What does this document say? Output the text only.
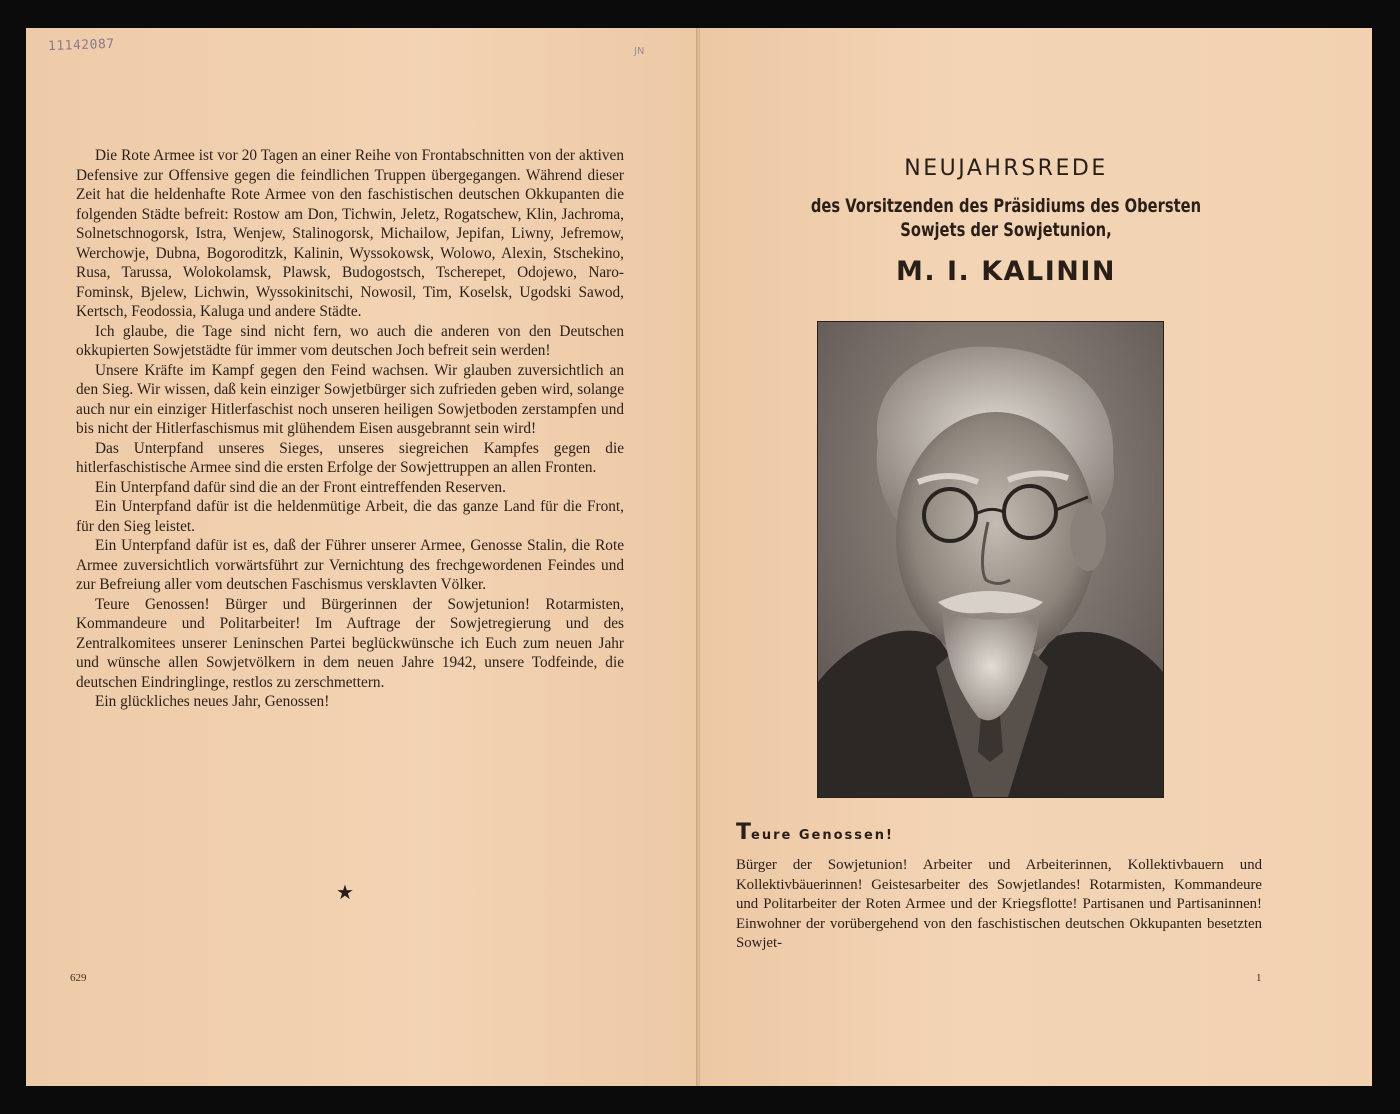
11142087	JN

Die Rote Armee ist vor 20 Tagen an einer Reihe von Frontabschnitten von der aktiven Defensive zur Offensive gegen die feindlichen Truppen übergegangen. Während dieser Zeit hat die heldenhafte Rote Armee von den faschistischen deutschen Okkupanten die folgenden Städte befreit: Rostow am Don, Tichwin, Jeletz, Rogatschew, Klin, Jachroma, Solnetschnogorsk, Istra, Wenjew, Stalinogorsk, Michailow, Jepifan, Liwny, Jefremow, Werchowje, Dubna, Bogoroditzk, Kalinin, Wyssokowsk, Wolowo, Alexin, Stschekino, Rusa, Tarussa, Wolokolamsk, Plawsk, Budogostsch, Tscherepet, Odojewo, Naro-Fominsk, Bjelew, Lichwin, Wyssokinitschi, Nowosil, Tim, Koselsk, Ugodski Sawod, Kertsch, Feodossia, Kaluga und andere Städte.

Ich glaube, die Tage sind nicht fern, wo auch die anderen von den Deutschen okkupierten Sowjetstädte für immer vom deutschen Joch befreit sein werden!

Unsere Kräfte im Kampf gegen den Feind wachsen. Wir glauben zuversichtlich an den Sieg. Wir wissen, daß kein einziger Sowjetbürger sich zufrieden geben wird, solange auch nur ein einziger Hitlerfaschist noch unseren heiligen Sowjetboden zerstampfen und bis nicht der Hitlerfaschismus mit glühendem Eisen ausgebrannt sein wird!

Das Unterpfand unseres Sieges, unseres siegreichen Kampfes gegen die hitlerfaschistische Armee sind die ersten Erfolge der Sowjettruppen an allen Fronten.

Ein Unterpfand dafür sind die an der Front eintreffenden Reserven.

Ein Unterpfand dafür ist die heldenmütige Arbeit, die das ganze Land für die Front, für den Sieg leistet.

Ein Unterpfand dafür ist es, daß der Führer unserer Armee, Genosse Stalin, die Rote Armee zuversichtlich vorwärtsführt zur Vernichtung des frechgewordenen Feindes und zur Befreiung aller vom deutschen Faschismus versklavten Völker.

Teure Genossen! Bürger und Bürgerinnen der Sowjetunion! Rotarmisten, Kommandeure und Politarbeiter! Im Auftrage der Sowjetregierung und des Zentralkomitees unserer Leninschen Partei beglückwünsche ich Euch zum neuen Jahr und wünsche allen Sowjetvölkern in dem neuen Jahre 1942, unsere Todfeinde, die deutschen Eindringlinge, restlos zu zerschmettern.

Ein glückliches neues Jahr, Genossen!

★
629
NEUJAHRSREDE
des Vorsitzenden des Präsidiums des Obersten
Sowjets der Sowjetunion,
M. I. KALININ
Teure Genossen!

Bürger der Sowjetunion! Arbeiter und Arbeiterinnen, Kollektivbauern und Kollektivbäuerinnen! Geistesarbeiter des Sowjetlandes! Rotarmisten, Kommandeure und Politarbeiter der Roten Armee und der Kriegsflotte! Partisanen und Partisaninnen! Einwohner der vorübergehend von den faschistischen deutschen Okkupanten besetzten Sowjet-

1
